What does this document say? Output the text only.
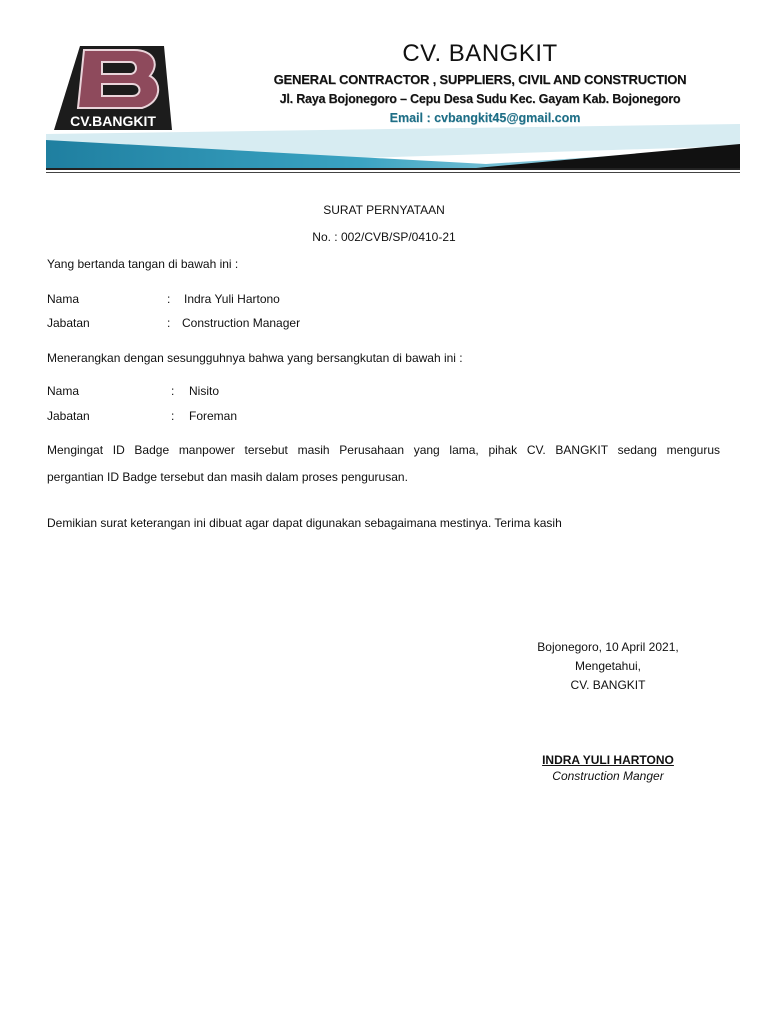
CV.BANGKIT
CV. BANGKIT
GENERAL CONTRACTOR , SUPPLIERS, CIVIL AND CONSTRUCTION
Jl. Raya Bojonegoro – Cepu Desa Sudu Kec. Gayam Kab. Bojonegoro
Email : cvbangkit45@gmail.com
SURAT PERNYATAAN
No. : 002/CVB/SP/0410-21
Yang bertanda tangan di bawah ini :
Nama	: Indra Yuli Hartono
Jabatan	: Construction Manager
Menerangkan dengan sesungguhnya bahwa yang bersangkutan di bawah ini :
Nama	: Nisito
Jabatan	: Foreman
Mengingat ID Badge manpower tersebut masih Perusahaan yang lama, pihak CV. BANGKIT sedang mengurus
pergantian ID Badge tersebut dan masih dalam proses pengurusan.
Demikian surat keterangan ini dibuat agar dapat digunakan sebagaimana mestinya. Terima kasih
Bojonegoro, 10 April 2021,
Mengetahui,
CV. BANGKIT
INDRA YULI HARTONO
Construction Manger
